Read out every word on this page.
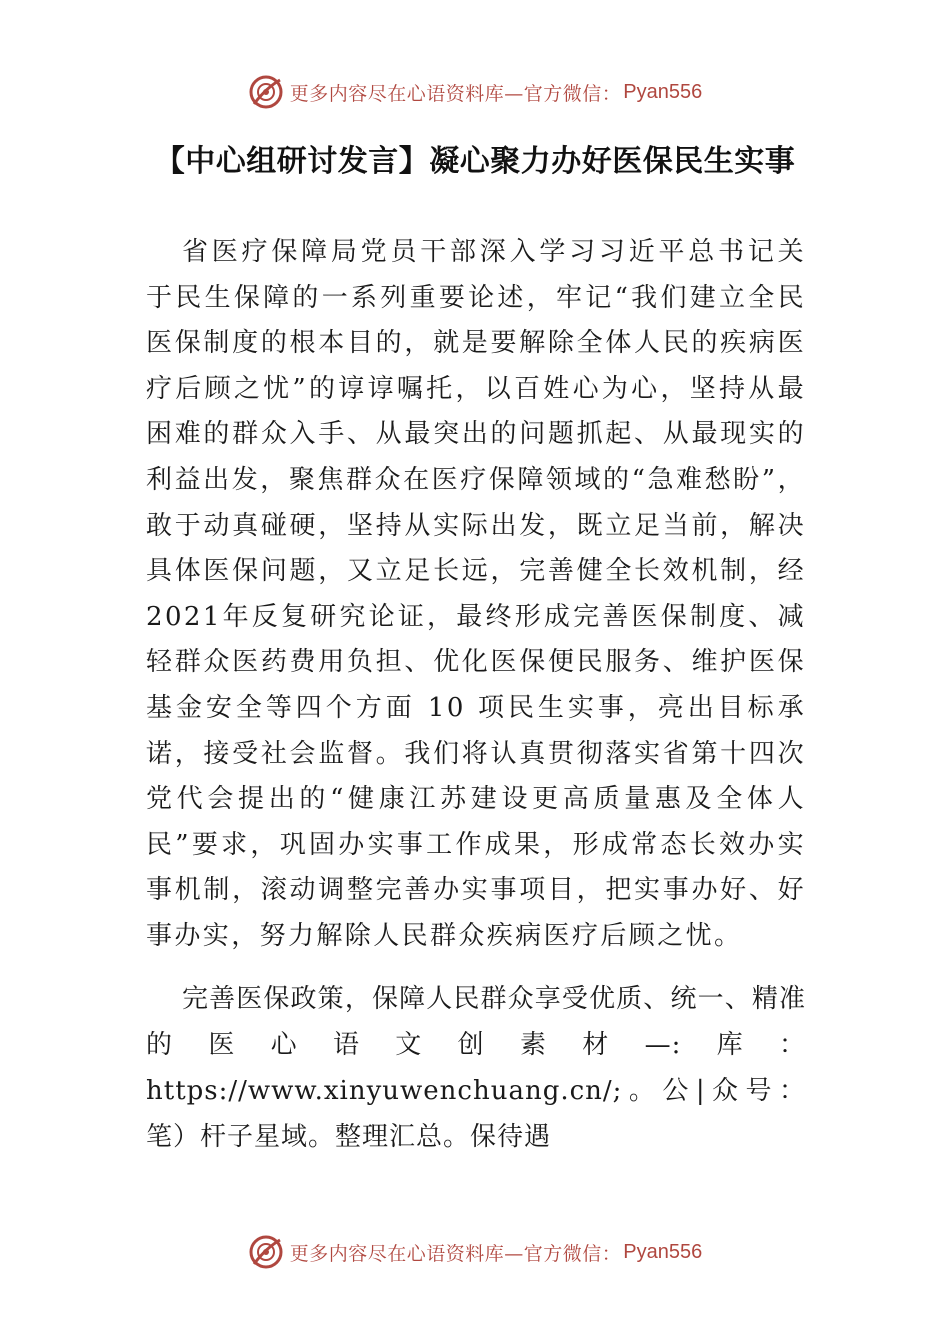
更多内容尽在心语资料库—官方微信： Pyan556
【中心组研讨发言】凝心聚力办好医保民生实事

省医疗保障局党员干部深入学习习近平总书记关于民生保障的一系列重要论述，牢记“我们建立全民医保制度的根本目的，就是要解除全体人民的疾病医疗后顾之忧”的谆谆嘱托，以百姓心为心，坚持从最困难的群众入手、从最突出的问题抓起、从最现实的利益出发，聚焦群众在医疗保障领域的“急难愁盼”，敢于动真碰硬，坚持从实际出发，既立足当前，解决具体医保问题，又立足长远，完善健全长效机制，经 2021年反复研究论证，最终形成完善医保制度、减轻群众医药费用负担、优化医保便民服务、维护医保基金安全等四个方面 10 项民生实事，亮出目标承诺，接受社会监督。我们将认真贯彻落实省第十四次党代会提出的“健康江苏建设更高质量惠及全体人民”要求，巩固办实事工作成果，形成常态长效办实事机制，滚动调整完善办实事项目，把实事办好、好事办实，努力解除人民群众疾病医疗后顾之忧。

完善医保政策，保障人民群众享受优质、统一、精准的医心语文创素材—:库：https://www.xinyuwenchuang.cn/;。公|众号：笔）杆子星域。整理汇总。保待遇

更多内容尽在心语资料库—官方微信： Pyan556
